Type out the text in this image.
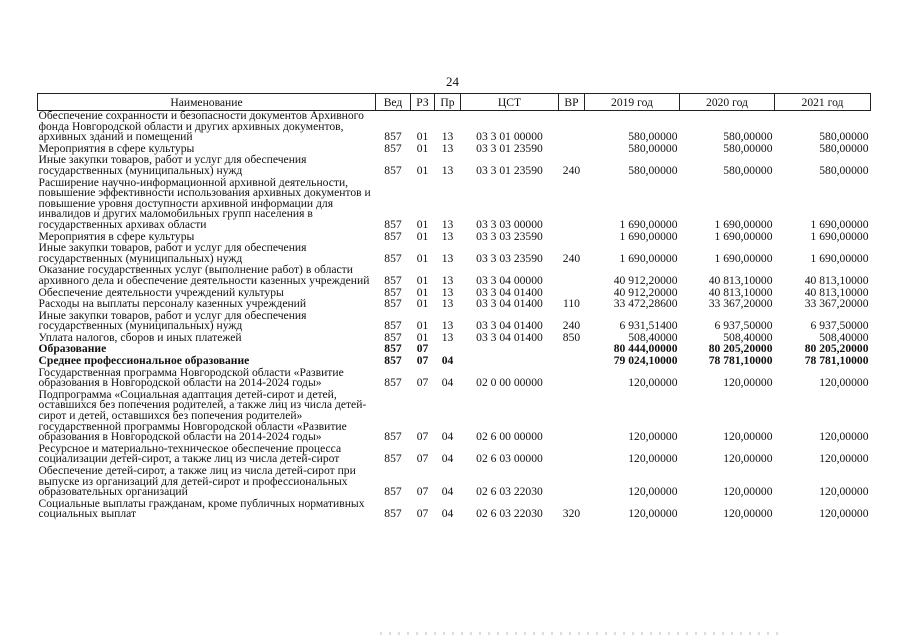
24
Наименование	Вед	РЗ	Пр	ЦСТ	ВР	2019 год	2020 год	2021 год
Обеспечение сохранности и безопасности документов Архивного фонда Новгородской области и других архивных документов, архивных зданий и помещений	857	01	13	03 3 01 00000		580,00000	580,00000	580,00000
Мероприятия в сфере культуры	857	01	13	03 3 01 23590		580,00000	580,00000	580,00000
Иные закупки товаров, работ и услуг для обеспечения государственных (муниципальных) нужд	857	01	13	03 3 01 23590	240	580,00000	580,00000	580,00000
Расширение научно-информационной архивной деятельности, повышение эффективности использования архивных документов и повышение уровня доступности архивной информации для инвалидов и других маломобильных групп населения в государственных архивах области	857	01	13	03 3 03 00000		1 690,00000	1 690,00000	1 690,00000
Мероприятия в сфере культуры	857	01	13	03 3 03 23590		1 690,00000	1 690,00000	1 690,00000
Иные закупки товаров, работ и услуг для обеспечения государственных (муниципальных) нужд	857	01	13	03 3 03 23590	240	1 690,00000	1 690,00000	1 690,00000
Оказание государственных услуг (выполнение работ) в области архивного дела и обеспечение деятельности казенных учреждений	857	01	13	03 3 04 00000		40 912,20000	40 813,10000	40 813,10000
Обеспечение деятельности учреждений культуры	857	01	13	03 3 04 01400		40 912,20000	40 813,10000	40 813,10000
Расходы на выплаты персоналу казенных учреждений	857	01	13	03 3 04 01400	110	33 472,28600	33 367,20000	33 367,20000
Иные закупки товаров, работ и услуг для обеспечения государственных (муниципальных) нужд	857	01	13	03 3 04 01400	240	6 931,51400	6 937,50000	6 937,50000
Уплата налогов, сборов и иных платежей	857	01	13	03 3 04 01400	850	508,40000	508,40000	508,40000
Образование	857	07				80 444,00000	80 205,20000	80 205,20000
Среднее профессиональное образование	857	07	04			79 024,10000	78 781,10000	78 781,10000
Государственная программа Новгородской области «Развитие образования в Новгородской области на 2014-2024 годы»	857	07	04	02 0 00 00000		120,00000	120,00000	120,00000
Подпрограмма «Социальная адаптация детей-сирот и детей, оставшихся без попечения родителей, а также лиц из числа детей-сирот и детей, оставшихся без попечения родителей» государственной программы Новгородской области «Развитие образования в Новгородской области на 2014-2024 годы»	857	07	04	02 6 00 00000		120,00000	120,00000	120,00000
Ресурсное и материально-техническое обеспечение процесса социализации детей-сирот, а также лиц из числа детей-сирот	857	07	04	02 6 03 00000		120,00000	120,00000	120,00000
Обеспечение детей-сирот, а также лиц из числа детей-сирот при выпуске из организаций для детей-сирот и профессиональных образовательных организаций	857	07	04	02 6 03 22030		120,00000	120,00000	120,00000
Социальные выплаты гражданам, кроме публичных нормативных социальных выплат	857	07	04	02 6 03 22030	320	120,00000	120,00000	120,00000
